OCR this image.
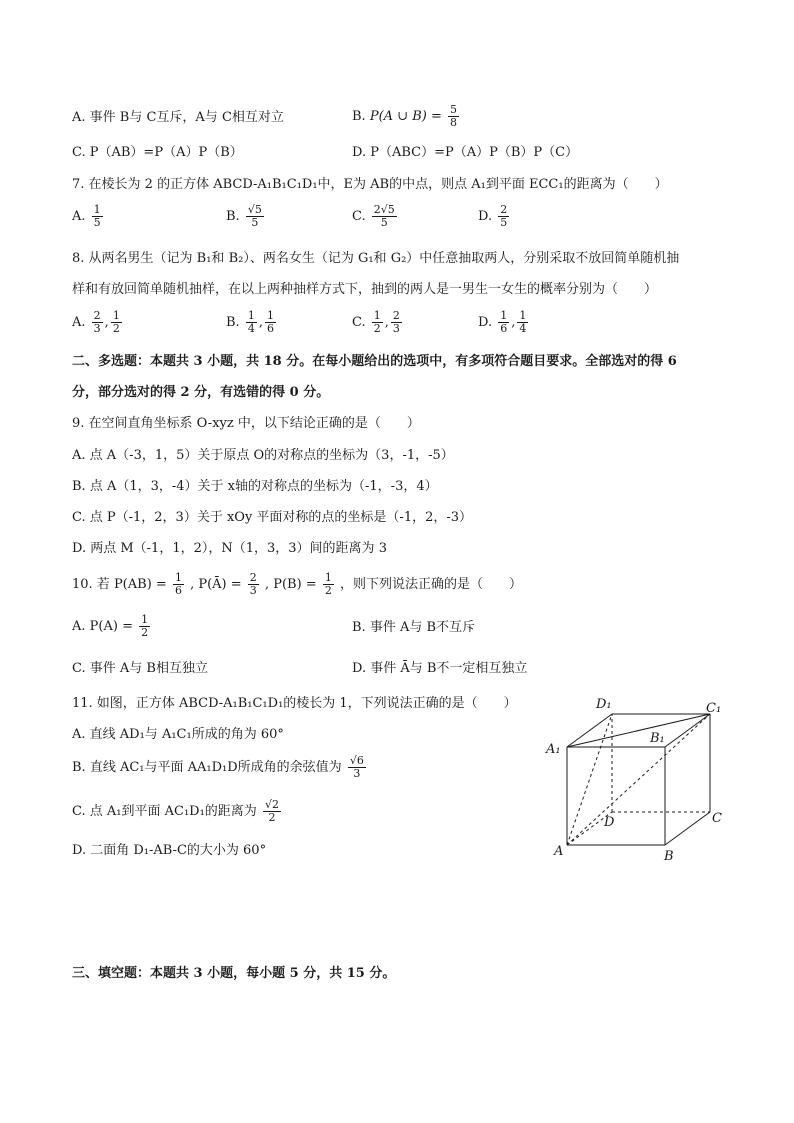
A. 事件 B与 C互斥，A与 C相互对立	B. P(A ∪ $B) = \frac{5}{8}$
C. P（AB）=P（A）P（B）	D. P（ABC）=P（A）P（B）P（C）
7. 在棱长为 2 的正方体 ABCD-A₁B₁C₁D₁中，E为 AB的中点，则点 A₁到平面 ECC₁的距离为（　　）
A. $\frac{1}{5}$	B. $\frac{√5}{5}$	C. $\frac{2√5}{5}$	D. $\frac{2}{5}$
8. 从两名男生（记为 B₁和 B₂）、两名女生（记为 G₁和 G₂）中任意抽取两人，分别采取不放回简单随机抽
样和有放回简单随机抽样，在以上两种抽样方式下，抽到的两人是一男生一女生的概率分别为（　　）
A. $\frac{2}{3}$ , $\frac{1}{2}$	B. $\frac{1}{4}$ , $\frac{1}{6}$	C. $\frac{1}{2}$ , $\frac{2}{3}$	D. $\frac{1}{6}$ , $\frac{1}{4}$
二、多选题：本题共 3 小题，共 18 分。在每小题给出的选项中，有多项符合题目要求。全部选对的得 6
分，部分选对的得 2 分，有选错的得 0 分。
9. 在空间直角坐标系 O-xyz 中，以下结论正确的是（　　）
A. 点 A（-3，1，5）关于原点 O的对称点的坐标为（3，-1，-5）
B. 点 A（1，3，-4）关于 x轴的对称点的坐标为（-1，-3，4）
C. 点 P（-1，2，3）关于 xOy 平面对称的点的坐标是（-1，2，-3）
D. 两点 M（-1，1，2），N（1，3，3）间的距离为 3
10. 若 $P(AB) = \frac{1}{6}$ , P(Ā) = $\frac{2}{3}$ , $P(B) = \frac{1}{2}$ ，则下列说法正确的是（　　）
A. $P(A) = \frac{1}{2}$	B. 事件 A与 B不互斥
C. 事件 A与 B相互独立	D. 事件 Ā与 B不一定相互独立
11. 如图，正方体 ABCD-A₁B₁C₁D₁的棱长为 1，下列说法正确的是（　　）
A. 直线 AD₁与 A₁C₁所成的角为 60°
B. 直线 AC₁与平面 AA₁D₁D所成角的余弦值为 $\frac{√6}{3}$
C. 点 A₁到平面 AC₁D₁的距离为 $\frac{√2}{2}$
D. 二面角 D₁-AB-C的大小为 60°
D₁	C₁
A₁
B₁
D	C
A	B
三、填空题：本题共 3 小题，每小题 5 分，共 15 分。
